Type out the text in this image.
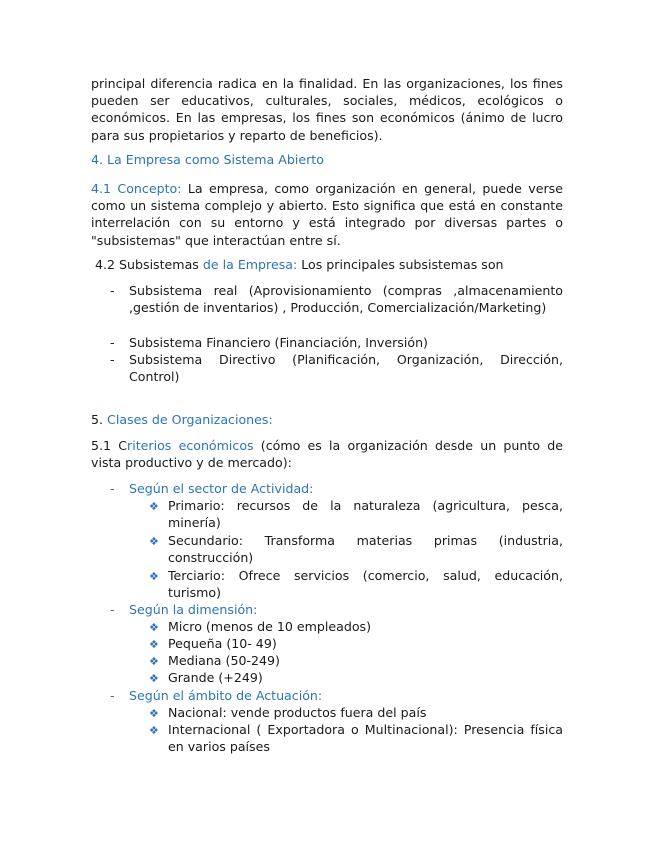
principal diferencia radica en la finalidad. En las organizaciones, los fines pueden ser educativos, culturales, sociales, médicos, ecológicos o económicos. En las empresas, los fines son económicos (ánimo de lucro para sus propietarios y reparto de beneficios).

4. La Empresa como Sistema Abierto

4.1 Concepto: La empresa, como organización en general, puede verse como un sistema complejo y abierto. Esto significa que está en constante interrelación con su entorno y está integrado por diversas partes o "subsistemas" que interactúan entre sí.

4.2 Subsistemas de la Empresa: Los principales subsistemas son

-	Subsistema real (Aprovisionamiento (compras ,almacenamiento ,gestión de inventarios) , Producción, Comercialización/Marketing)

-	Subsistema Financiero (Financiación, Inversión)

-	Subsistema Directivo (Planificación, Organización, Dirección, Control)

5. Clases de Organizaciones:

5.1 Criterios económicos (cómo es la organización desde un punto de vista productivo y de mercado):

-	Según el sector de Actividad:

❖ Primario: recursos de la naturaleza (agricultura, pesca, minería)

❖ Secundario: Transforma materias primas (industria, construcción)

❖ Terciario: Ofrece servicios (comercio, salud, educación, turismo)

-	Según la dimensión:

❖ Micro (menos de 10 empleados)

❖ Pequeña (10- 49)

❖ Mediana (50-249)

❖ Grande (+249)

-	Según el ámbito de Actuación:

❖ Nacional: vende productos fuera del país

❖ Internacional ( Exportadora o Multinacional): Presencia física en varios países
